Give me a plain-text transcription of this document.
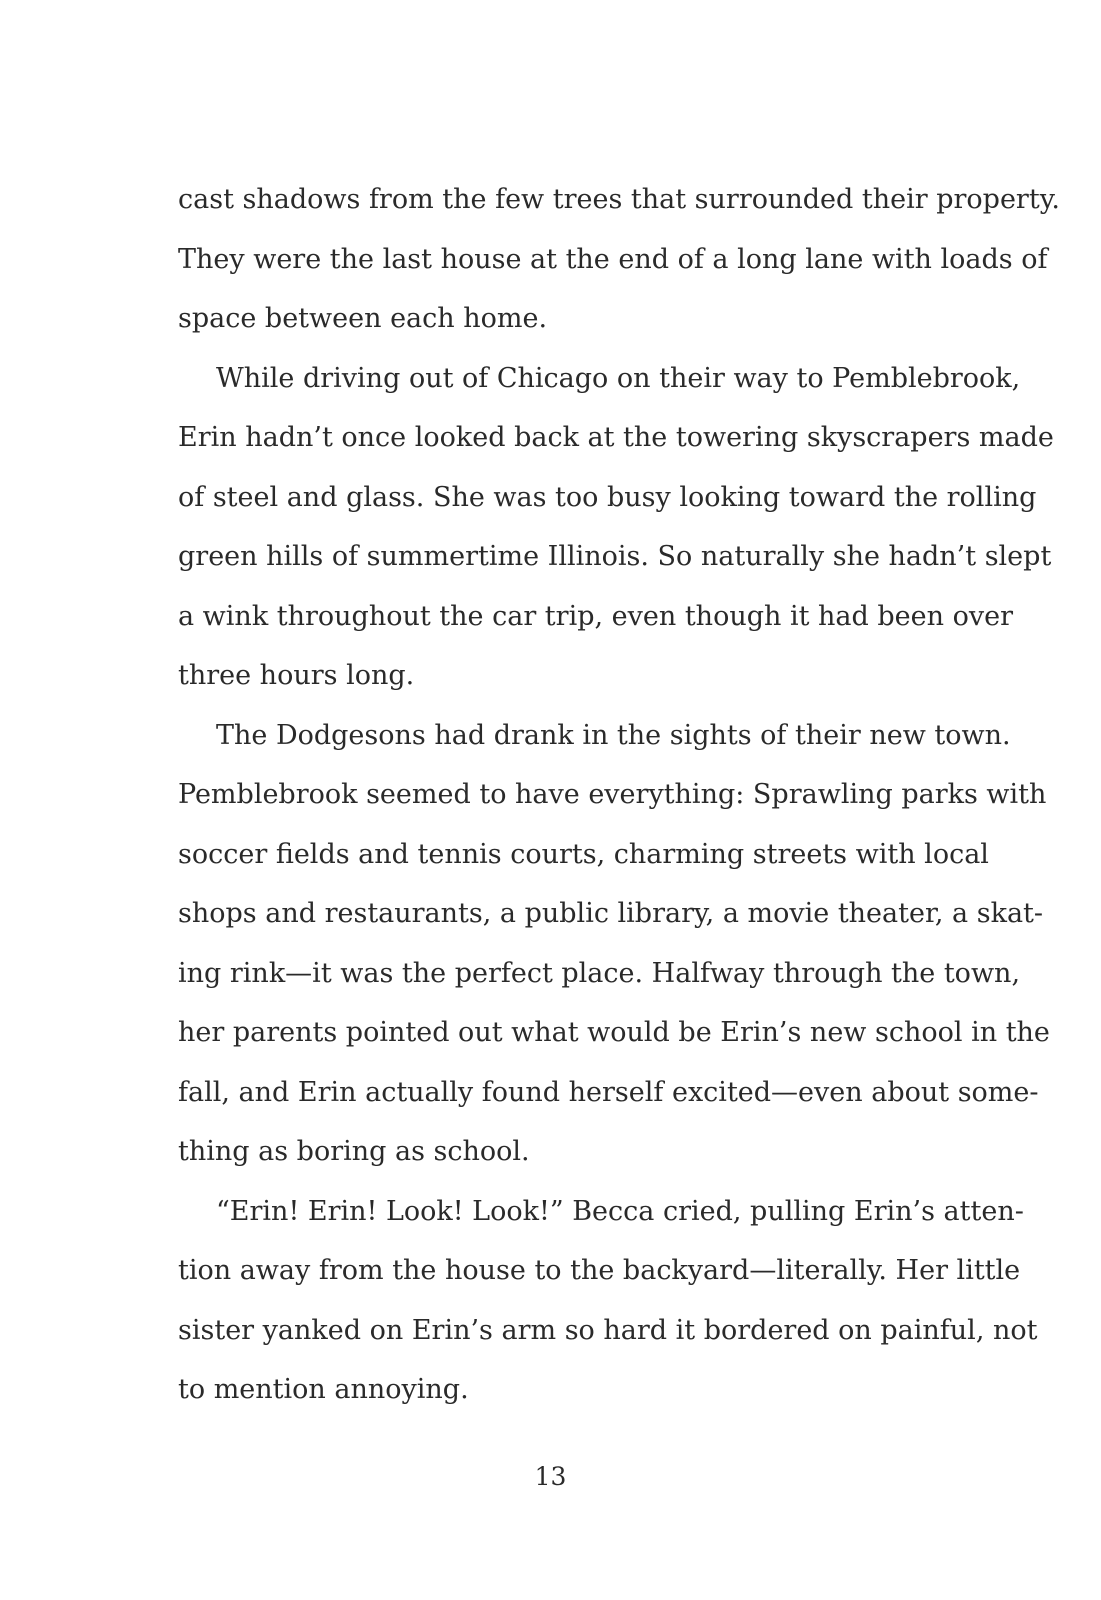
cast shadows from the few trees that surrounded their property.
They were the last house at the end of a long lane with loads of
space between each home.
While driving out of Chicago on their way to Pemblebrook,
Erin hadn’t once looked back at the towering skyscrapers made
of steel and glass. She was too busy looking toward the rolling
green hills of summertime Illinois. So naturally she hadn’t slept
a wink throughout the car trip, even though it had been over
three hours long.
The Dodgesons had drank in the sights of their new town.
Pemblebrook seemed to have everything: Sprawling parks with
soccer fields and tennis courts, charming streets with local
shops and restaurants, a public library, a movie theater, a skat-
ing rink—it was the perfect place. Halfway through the town,
her parents pointed out what would be Erin’s new school in the
fall, and Erin actually found herself excited—even about some-
thing as boring as school.
“Erin! Erin! Look! Look!” Becca cried, pulling Erin’s atten-
tion away from the house to the backyard—literally. Her little
sister yanked on Erin’s arm so hard it bordered on painful, not
to mention annoying.
13
